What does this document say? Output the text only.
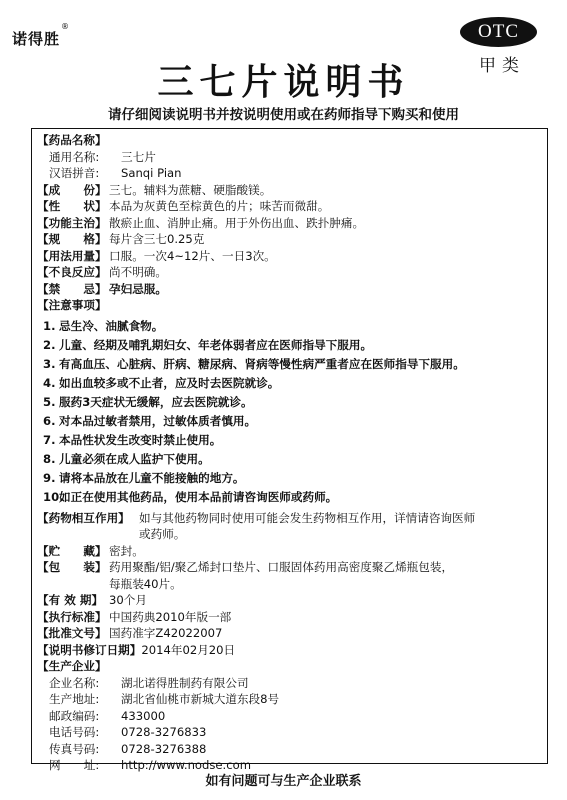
诺得胜®	OTC
甲类
三七片说明书
请仔细阅读说明书并按说明使用或在药师指导下购买和使用
【药品名称】
通用名称:	三七片
汉语拼音:	Sanqi Pian
【成　　份】 三七。辅料为蔗糖、硬脂酸镁。
【性　　状】 本品为灰黄色至棕黄色的片；味苦而微甜。
【功能主治】 散瘀止血、消肿止痛。用于外伤出血、跌扑肿痛。
【规　　格】 每片含三七0.25克
【用法用量】 口服。一次4~12片、一日3次。
【不良反应】 尚不明确。
【禁　　忌】 孕妇忌服。
【注意事项】
1. 忌生冷、油腻食物。
2. 儿童、经期及哺乳期妇女、年老体弱者应在医师指导下服用。
3. 有高血压、心脏病、肝病、糖尿病、肾病等慢性病严重者应在医师指导下服用。
4. 如出血较多或不止者，应及时去医院就诊。
5. 服药3天症状无缓解，应去医院就诊。
6. 对本品过敏者禁用，过敏体质者慎用。
7. 本品性状发生改变时禁止使用。
8. 儿童必须在成人监护下使用。
9. 请将本品放在儿童不能接触的地方。
10.
如正在使用其他药品，使用本品前请咨询医师或药师。
【药物相互作用】 如与其他药物同时使用可能会发生药物相互作用，详情请咨询医师
或药师。
【贮　　藏】 密封。
【包　　装】 药用聚酯/铝/聚乙烯封口垫片、口服固体药用高密度聚乙烯瓶包装，
每瓶装40片。
【有 效 期】 30个月
【执行标准】 中国药典2010年版一部
【批准文号】 国药准字Z42022007
【说明书修订日期】 2014年02月20日
【生产企业】
企业名称:	湖北诺得胜制药有限公司
生产地址:	湖北省仙桃市新城大道东段8号
邮政编码:	433000
电话号码:	0728-3276833
传真号码:	0728-3276388
网　　址:	http://www.nodse.com
如有问题可与生产企业联系
